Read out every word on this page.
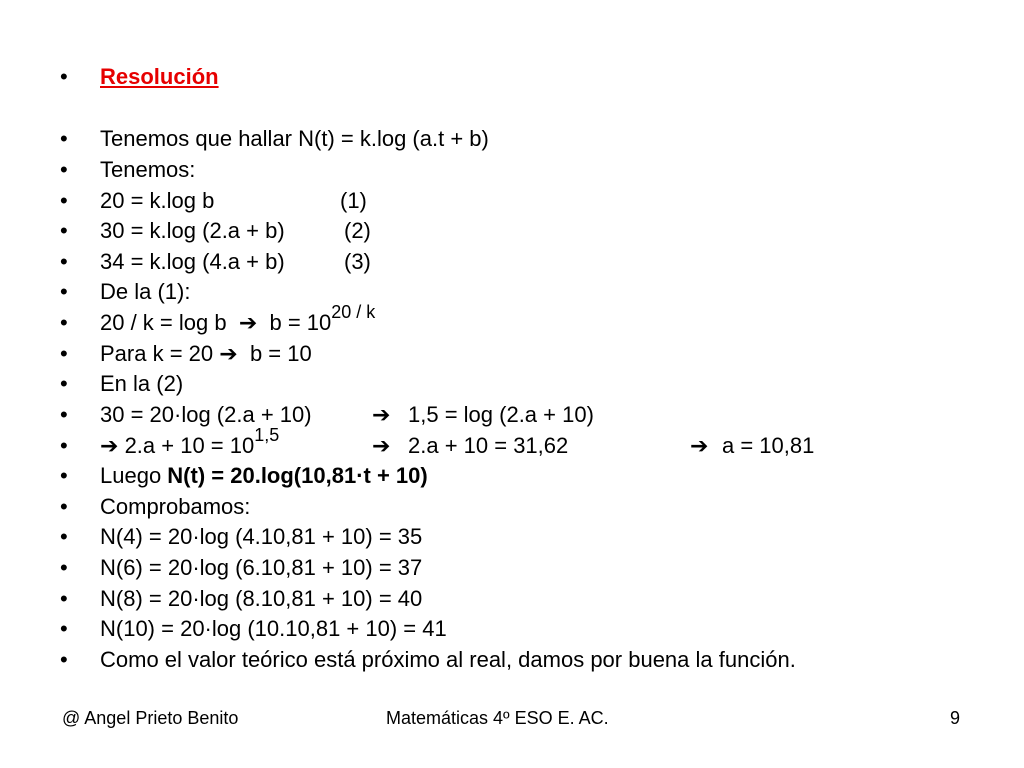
•	Resolución
•	Tenemos que hallar N(t) = k.log (a.t + b)
•	Tenemos:
•	20 = k.log b	(1)
•	30 = k.log (2.a + b)	(2)
•	34 = k.log (4.a + b)	(3)
•	De la (1):
•	20 / k = log b ➔ $b = 10^{20 / k}$
•	Para k = 20 ➔ b = 10
•	En la (2)
•	30 = 20·log (2.a + 10)	➔ 1,5 = log (2.a + 10)
•	➔ $2.a + 10 = 10^{1,5}$	➔ 2.a + 10 = 31,62	➔ a = 10,81
•	Luego N(t) = 20.log(10,81·t + 10)
•	Comprobamos:
•	N(4) = 20·log (4.10,81 + 10) = 35
•	N(6) = 20·log (6.10,81 + 10) = 37
•	N(8) = 20·log (8.10,81 + 10) = 40
•	N(10) = 20·log (10.10,81 + 10) = 41
•	Como el valor teórico está próximo al real, damos por buena la función.
@ Angel Prieto Benito	Matemáticas 4º ESO E. AC.	9
